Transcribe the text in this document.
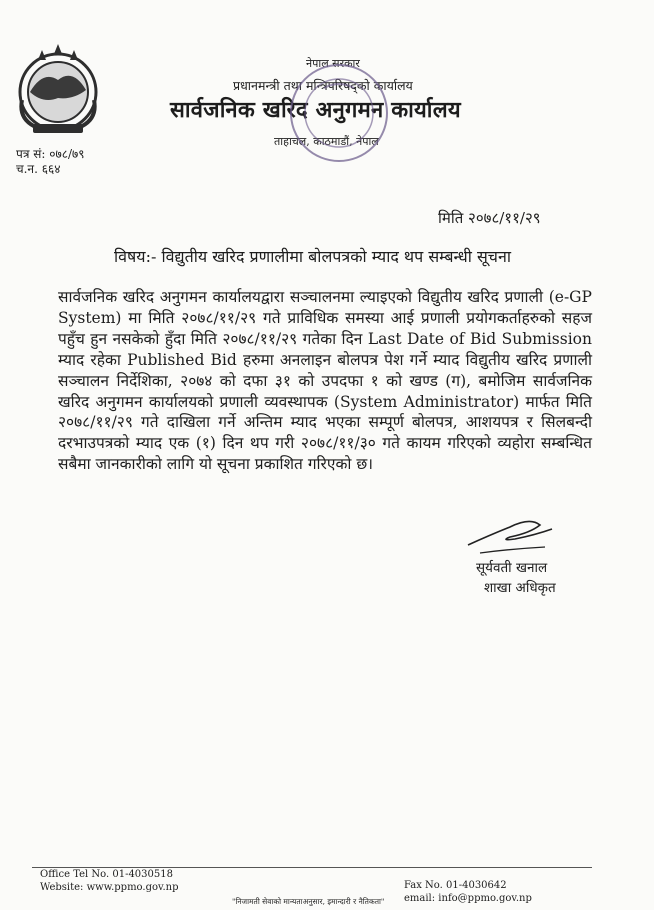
नेपाल सरकार
प्रधानमन्त्री तथा मन्त्रिपरिषद्को कार्यालय
सार्वजनिक खरिद अनुगमन कार्यालय
ताहाचल, काठमाडौं, नेपाल
पत्र सं: ०७८/७९
च.न. ६६४
मिति २०७८/११/२९
विषय:- विद्युतीय खरिद प्रणालीमा बोलपत्रको म्याद थप सम्बन्धी सूचना
सार्वजनिक खरिद अनुगमन कार्यालयद्वारा सञ्चालनमा ल्याइएको विद्युतीय खरिद प्रणाली (e-GP System) मा मिति २०७८/११/२९ गते प्राविधिक समस्या आई प्रणाली प्रयोगकर्ताहरुको सहज पहुँच हुन नसकेको हुँदा मिति २०७८/११/२९ गतेका दिन Last Date of Bid Submission म्याद रहेका Published Bid हरुमा अनलाइन बोलपत्र पेश गर्ने म्याद विद्युतीय खरिद प्रणाली सञ्चालन निर्देशिका, २०७४ को दफा ३१ को उपदफा १ को खण्ड (ग), बमोजिम सार्वजनिक खरिद अनुगमन कार्यालयको प्रणाली व्यवस्थापक (System Administrator) मार्फत मिति २०७८/११/२९ गते दाखिला गर्ने अन्तिम म्याद भएका सम्पूर्ण बोलपत्र, आशयपत्र र सिलबन्दी दरभाउपत्रको म्याद एक (१) दिन थप गरी २०७८/११/३० गते कायम गरिएको व्यहोरा सम्बन्धित सबैमा जानकारीको लागि यो सूचना प्रकाशित गरिएको छ।
सूर्यवती खनाल
शाखा अधिकृत
Office Tel No. 01-4030518
Website: www.ppmo.gov.np	Fax No. 01-4030642
email: info@ppmo.gov.np
"निजामती सेवाको मान्यताअनुसार, इमान्दारी र नैतिकता"
